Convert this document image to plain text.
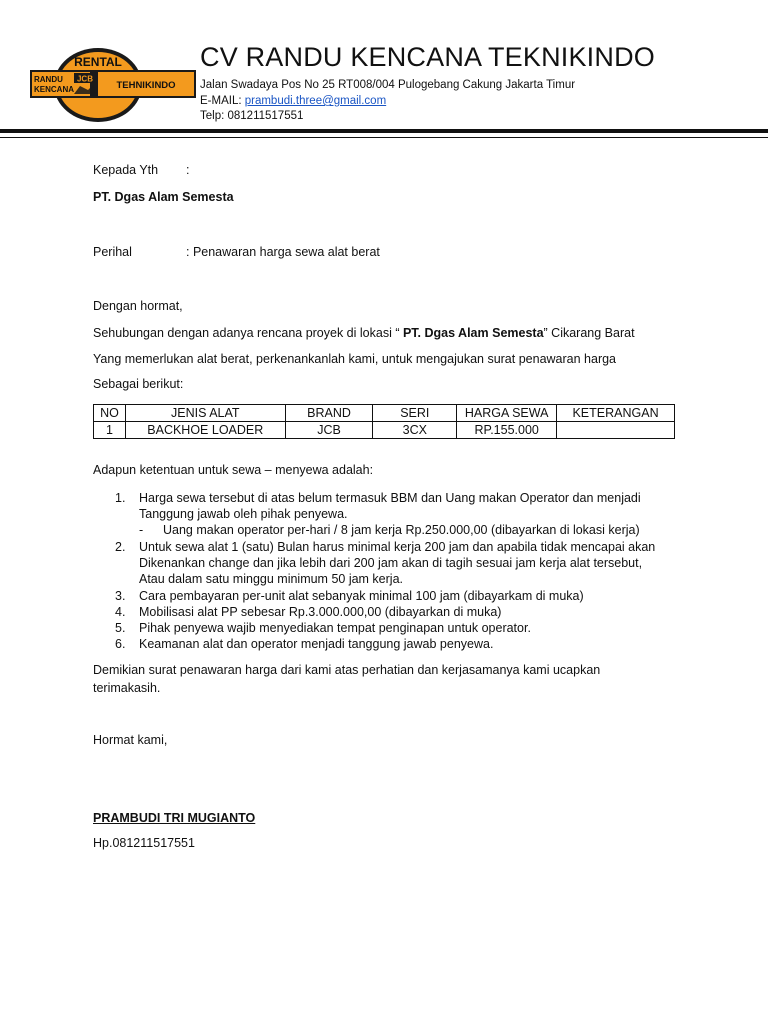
JCB
RENTAL
RANDU
KENCANA	TEHNIKINDO
CV RANDU KENCANA TEKNIKINDO
Jalan Swadaya Pos No 25 RT008/004 Pulogebang Cakung Jakarta Timur
E-MAIL: prambudi.three@gmail.com
Telp: 081211517551
Kepada Yth :
PT. Dgas Alam Semesta
Perihal	: Penawaran harga sewa alat berat
Dengan hormat,
Sehubungan dengan adanya rencana proyek di lokasi “ PT. Dgas Alam Semesta” Cikarang Barat
Yang memerlukan alat berat, perkenankanlah kami, untuk mengajukan surat penawaran harga
Sebagai berikut:
NO	JENIS ALAT	BRAND	SERI	HARGA SEWA	KETERANGAN
1	BACKHOE LOADER	JCB	3CX	RP.155.000	
Adapun ketentuan untuk sewa – menyewa adalah:
1.	Harga sewa tersebut di atas belum termasuk BBM dan Uang makan Operator dan menjadi
Tanggung jawab oleh pihak penyewa.
- Uang makan operator per-hari / 8 jam kerja Rp.250.000,00 (dibayarkan di lokasi kerja)
2.	Untuk sewa alat 1 (satu) Bulan harus minimal kerja 200 jam dan apabila tidak mencapai akan
Dikenankan change dan jika lebih dari 200 jam akan di tagih sesuai jam kerja alat tersebut,
Atau dalam satu minggu minimum 50 jam kerja.
3.	Cara pembayaran per-unit alat sebanyak minimal 100 jam (dibayarkam di muka)
4.	Mobilisasi alat PP sebesar Rp.3.000.000,00 (dibayarkan di muka)
5.	Pihak penyewa wajib menyediakan tempat penginapan untuk operator.
6.	Keamanan alat dan operator menjadi tanggung jawab penyewa.
Demikian surat penawaran harga dari kami atas perhatian dan kerjasamanya kami ucapkan
terimakasih.
Hormat kami,
PRAMBUDI TRI MUGIANTO
Hp.081211517551
